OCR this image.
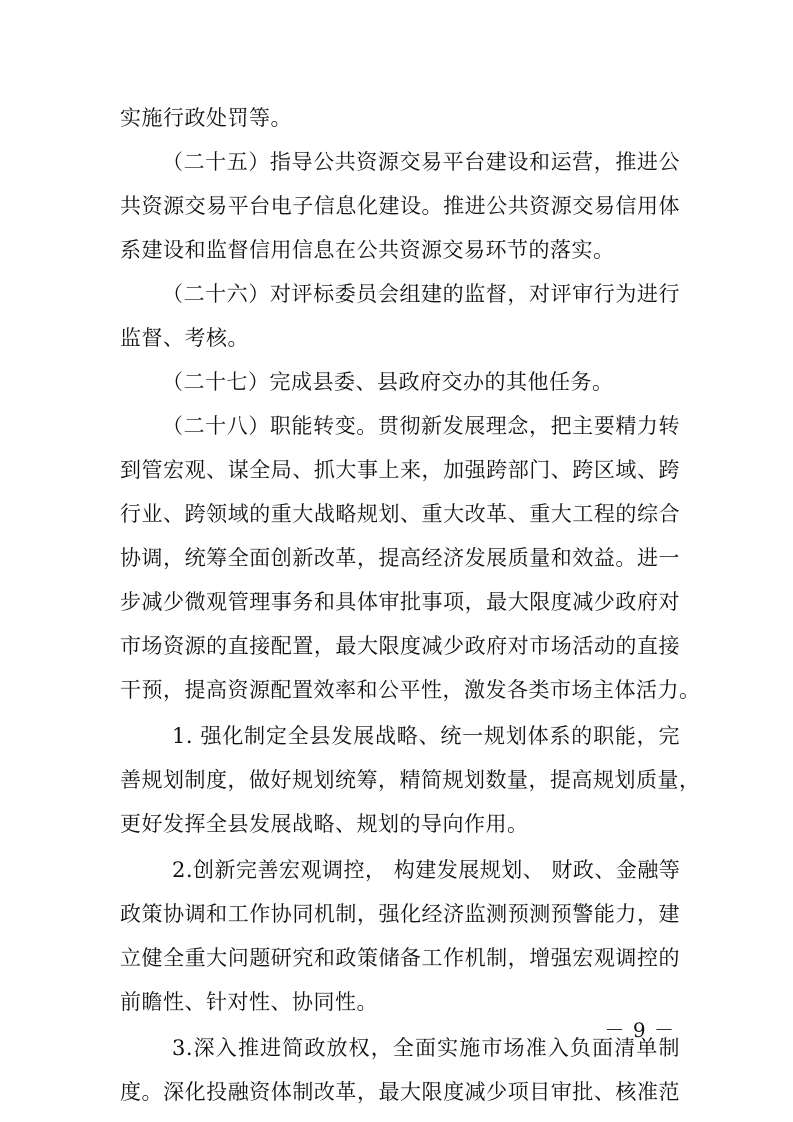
实施行政处罚等。
（二十五）指导公共资源交易平台建设和运营，推进公
共资源交易平台电子信息化建设。推进公共资源交易信用体
系建设和监督信用信息在公共资源交易环节的落实。
（二十六）对评标委员会组建的监督，对评审行为进行
监督、考核。
（二十七）完成县委、县政府交办的其他任务。
（二十八）职能转变。贯彻新发展理念，把主要精力转
到管宏观、谋全局、抓大事上来，加强跨部门、跨区域、跨
行业、跨领域的重大战略规划、重大改革、重大工程的综合
协调，统筹全面创新改革，提高经济发展质量和效益。进一
步减少微观管理事务和具体审批事项，最大限度减少政府对
市场资源的直接配置，最大限度减少政府对市场活动的直接
干预，提高资源配置效率和公平性，激发各类市场主体活力。
1. 强化制定全县发展战略、统一规划体系的职能，完
善规划制度，做好规划统筹，精简规划数量，提高规划质量，
更好发挥全县发展战略、规划的导向作用。
2.创新完善宏观调控， 构建发展规划、 财政、金融等
政策协调和工作协同机制，强化经济监测预测预警能力，建
立健全重大问题研究和政策储备工作机制，增强宏观调控的
前瞻性、针对性、协同性。
3.深入推进简政放权，全面实施市场准入负面清单制
度。深化投融资体制改革，最大限度减少项目审批、核准范
－ 9 －
